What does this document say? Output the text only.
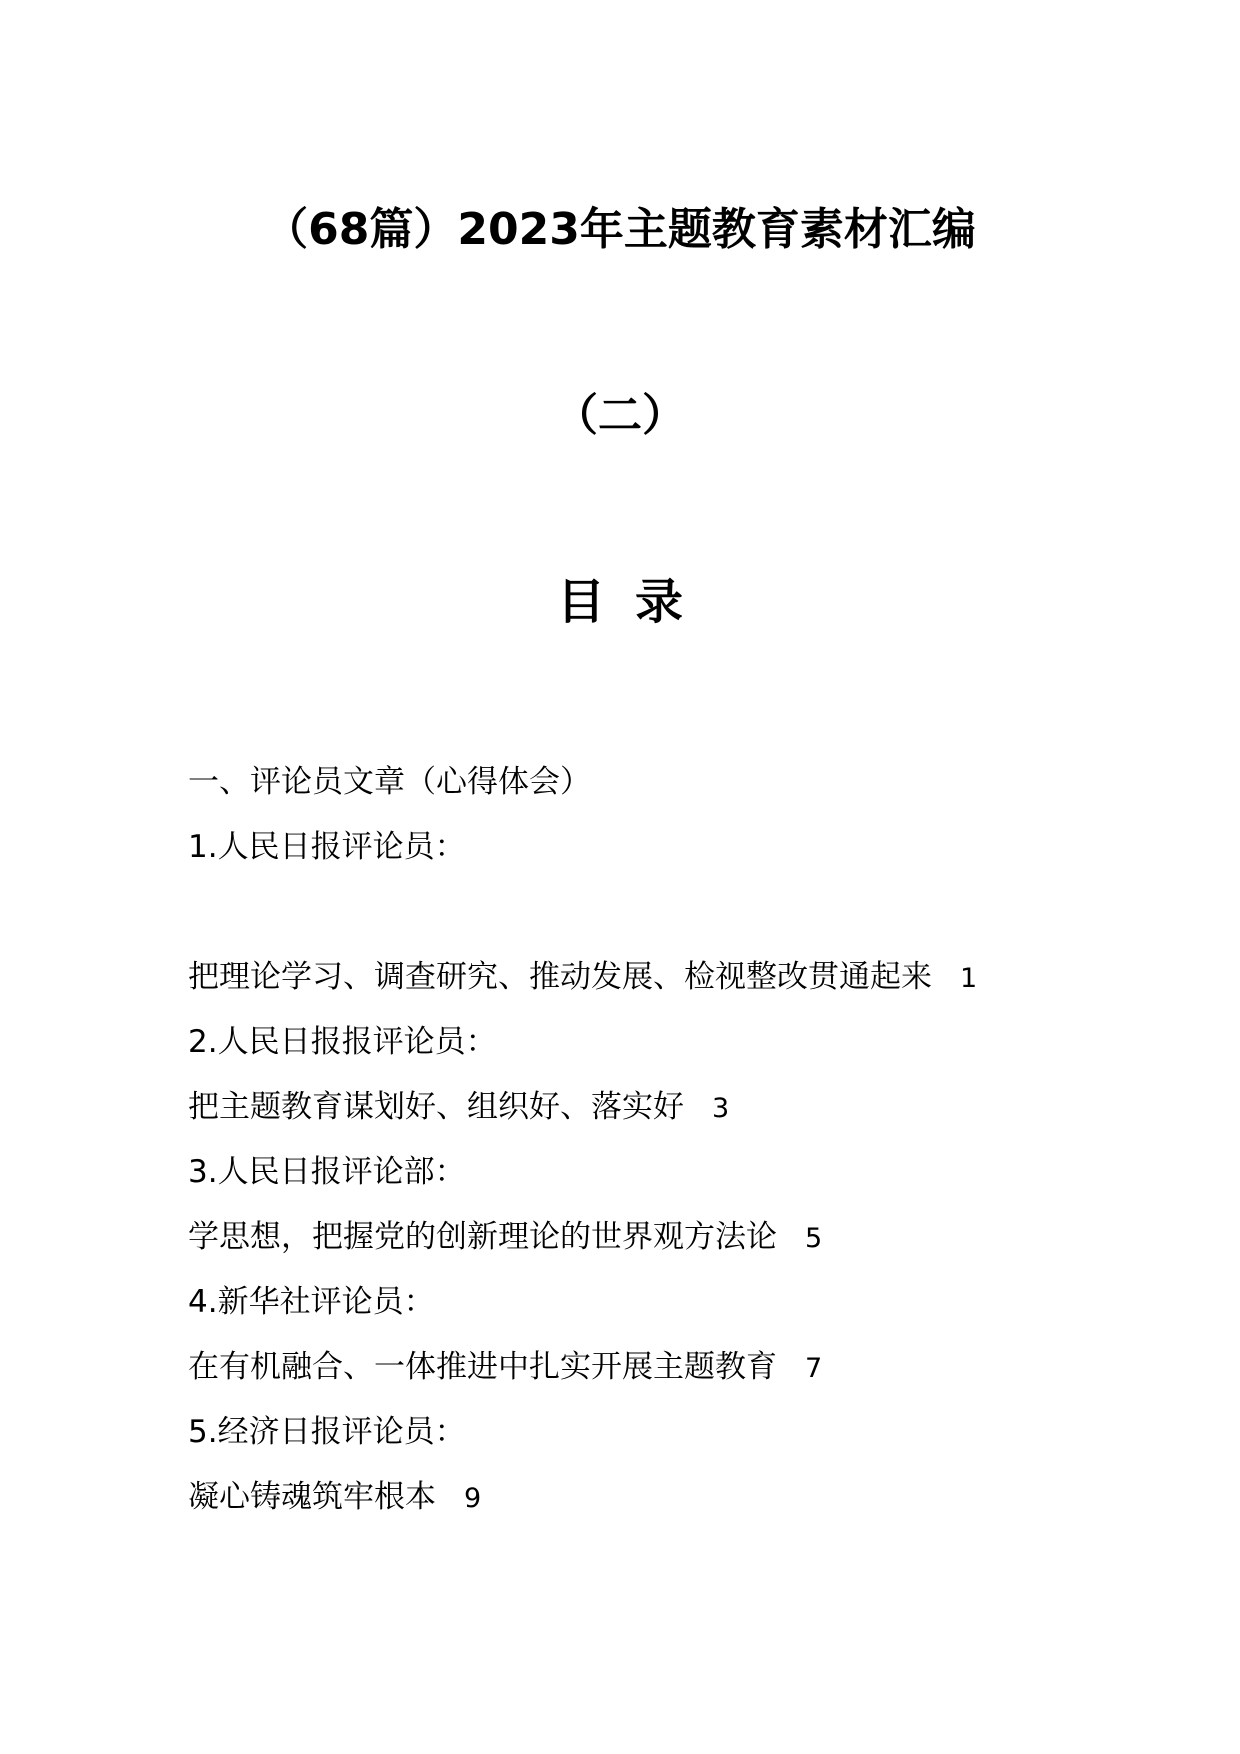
（68篇）2023年主题教育素材汇编
（二）
目录
一、评论员文章（心得体会）
1.人民日报评论员：
把理论学习、调查研究、推动发展、检视整改贯通起来 1
2.人民日报报评论员：
把主题教育谋划好、组织好、落实好 3
3.人民日报评论部：
学思想，把握党的创新理论的世界观方法论 5
4.新华社评论员：
在有机融合、一体推进中扎实开展主题教育 7
5.经济日报评论员：
凝心铸魂筑牢根本 9
